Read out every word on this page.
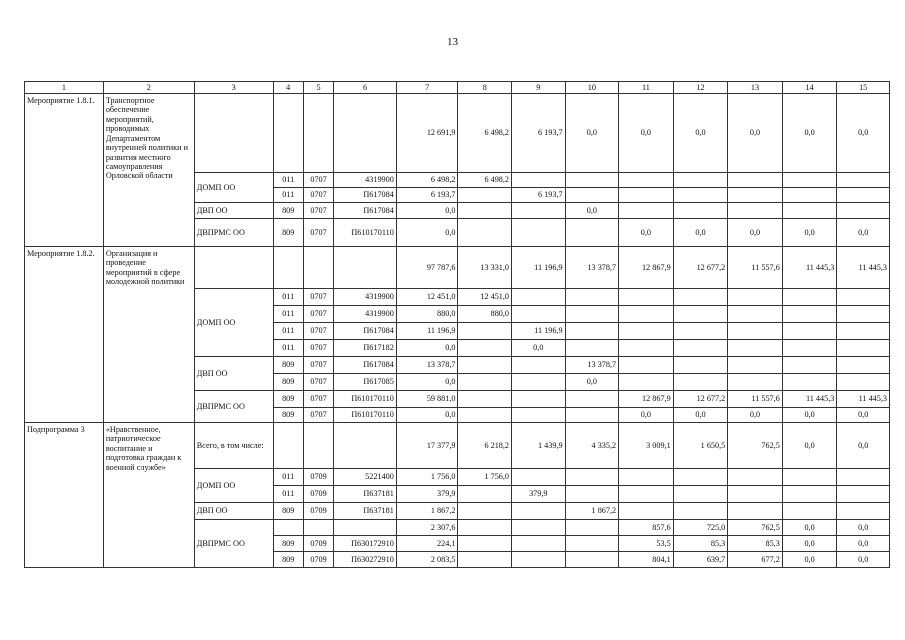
13
1	2	3	4	5	6	7	8	9	10	11	12	13	14	15
Мероприятие 1.8.1.	Транспортное обеспечение мероприятий, проводимых Департаментом внутренней политики и развития местного самоуправления Орловской области					12 691,9	6 498,2	6 193,7	0,0	0,0	0,0	0,0	0,0	0,0
		ДОМП ОО	011	0707	4319900	6 498,2	6 498,2							
			011	0707	П617084	6 193,7		6 193,7						
		ДВП ОО	809	0707	П617084	0,0			0,0					
		ДВПРМС ОО	809	0707	П610170110	0,0				0,0	0,0	0,0	0,0	0,0
Мероприятие 1.8.2.	Организация и проведение мероприятий в сфере молодежной политики					97 787,6	13 331,0	11 196,9	13 378,7	12 867,9	12 677,2	11 557,6	11 445,3	11 445,3
		ДОМП ОО	011	0707	4319900	12 451,0	12 451,0							
			011	0707	4319900	880,0	880,0							
			011	0707	П617084	11 196,9		11 196,9						
			011	0707	П617182	0,0		0,0						
		ДВП ОО	809	0707	П617084	13 378,7			13 378,7					
			809	0707	П617085	0,0			0,0					
		ДВПРМС ОО	809	0707	П610170110	59 881,0				12 867,9	12 677,2	11 557,6	11 445,3	11 445,3
			809	0707	П610170110	0,0				0,0	0,0	0,0	0,0	0,0
Подпрограмма 3	«Нравственное, патриотическое воспитание и подготовка граждан к военной службе»	Всего, в том числе:				17 377,9	6 218,2	1 439,9	4 335,2	3 009,1	1 650,5	762,5	0,0	0,0
		ДОМП ОО	011	0709	5221400	1 756,0	1 756,0							
			011	0709	П637181	379,9		379,9						
		ДВП ОО	809	0709	П637181	1 867,2			1 867,2					
		ДВПРМС ОО				2 307,6				857,6	725,0	762,5	0,0	0,0
			809	0709	П630172910	224,1				53,5	85,3	85,3	0,0	0,0
			809	0709	П630272910	2 083,5				804,1	639,7	677,2	0,0	0,0
